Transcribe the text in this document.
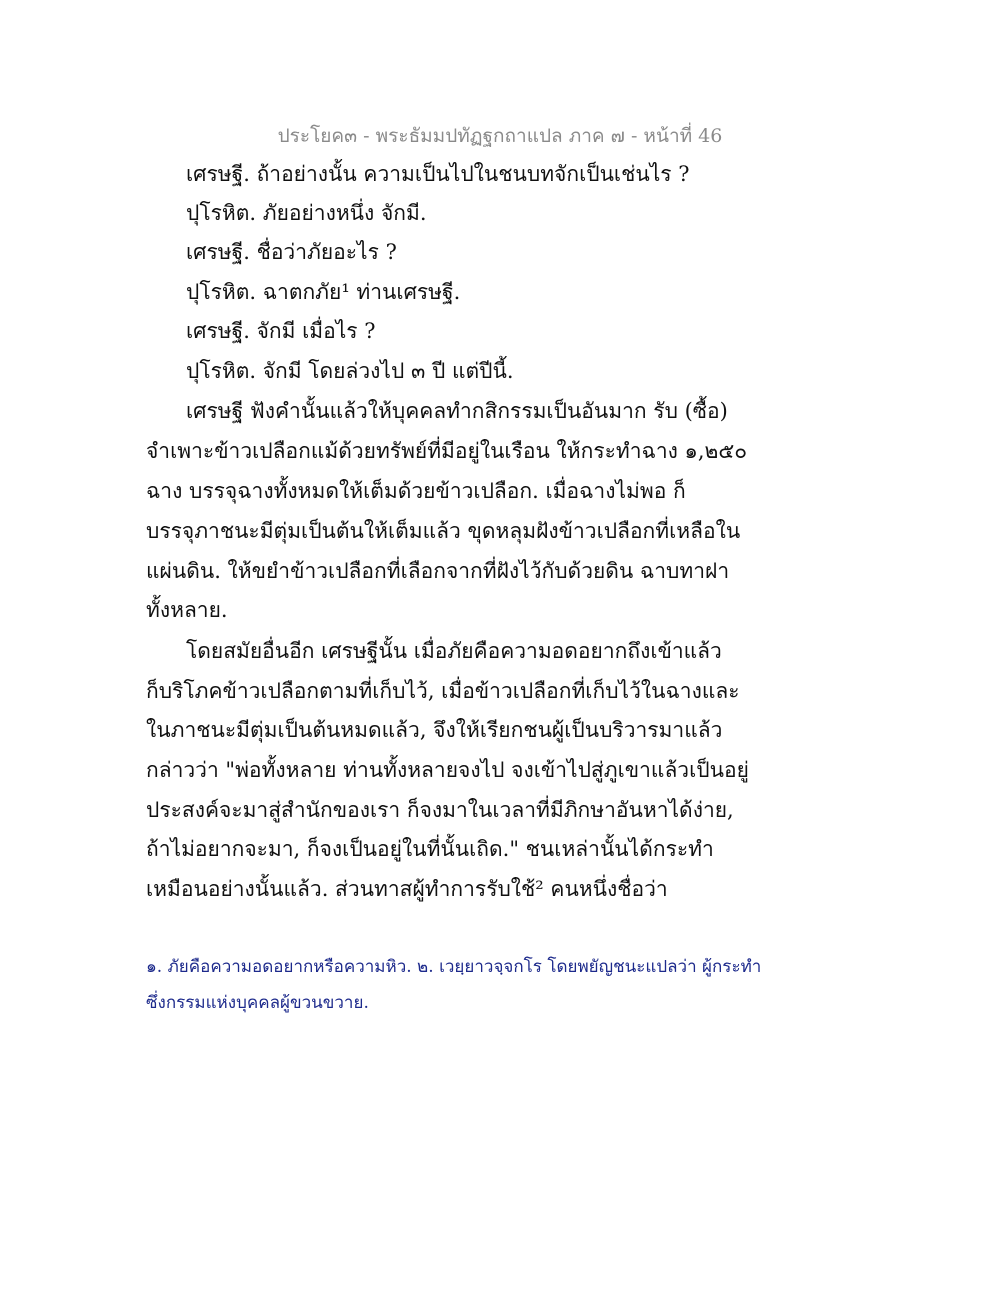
ประโยค๓ - พระธัมมปทัฏฐกถาแปล ภาค ๗ - หน้าที่ 46
เศรษฐี. ถ้าอย่างนั้น ความเป็นไปในชนบทจักเป็นเช่นไร ?
ปุโรหิต. ภัยอย่างหนึ่ง จักมี.
เศรษฐี. ชื่อว่าภัยอะไร ?
ปุโรหิต. ฉาตกภัย¹ ท่านเศรษฐี.
เศรษฐี. จักมี เมื่อไร ?
ปุโรหิต. จักมี โดยล่วงไป ๓ ปี แต่ปีนี้.
เศรษฐี ฟังคำนั้นแล้วให้บุคคลทำกสิกรรมเป็นอันมาก รับ (ซื้อ)
จำเพาะข้าวเปลือกแม้ด้วยทรัพย์ที่มีอยู่ในเรือน ให้กระทำฉาง ๑,๒๕๐
ฉาง บรรจุฉางทั้งหมดให้เต็มด้วยข้าวเปลือก. เมื่อฉางไม่พอ ก็
บรรจุภาชนะมีตุ่มเป็นต้นให้เต็มแล้ว ขุดหลุมฝังข้าวเปลือกที่เหลือใน
แผ่นดิน. ให้ขยำข้าวเปลือกที่เลือกจากที่ฝังไว้กับด้วยดิน ฉาบทาฝา
ทั้งหลาย.
โดยสมัยอื่นอีก เศรษฐีนั้น เมื่อภัยคือความอดอยากถึงเข้าแล้ว
ก็บริโภคข้าวเปลือกตามที่เก็บไว้, เมื่อข้าวเปลือกที่เก็บไว้ในฉางและ
ในภาชนะมีตุ่มเป็นต้นหมดแล้ว, จึงให้เรียกชนผู้เป็นบริวารมาแล้ว
กล่าวว่า "พ่อทั้งหลาย ท่านทั้งหลายจงไป จงเข้าไปสู่ภูเขาแล้วเป็นอยู่
ประสงค์จะมาสู่สำนักของเรา ก็จงมาในเวลาที่มีภิกษาอันหาได้ง่าย,
ถ้าไม่อยากจะมา, ก็จงเป็นอยู่ในที่นั้นเถิด." ชนเหล่านั้นได้กระทำ
เหมือนอย่างนั้นแล้ว. ส่วนทาสผู้ทำการรับใช้² คนหนึ่งชื่อว่า
๑. ภัยคือความอดอยากหรือความหิว. ๒. เวยฺยาวจฺจกโร โดยพยัญชนะแปลว่า ผู้กระทำ
ซึ่งกรรมแห่งบุคคลผู้ขวนขวาย.
